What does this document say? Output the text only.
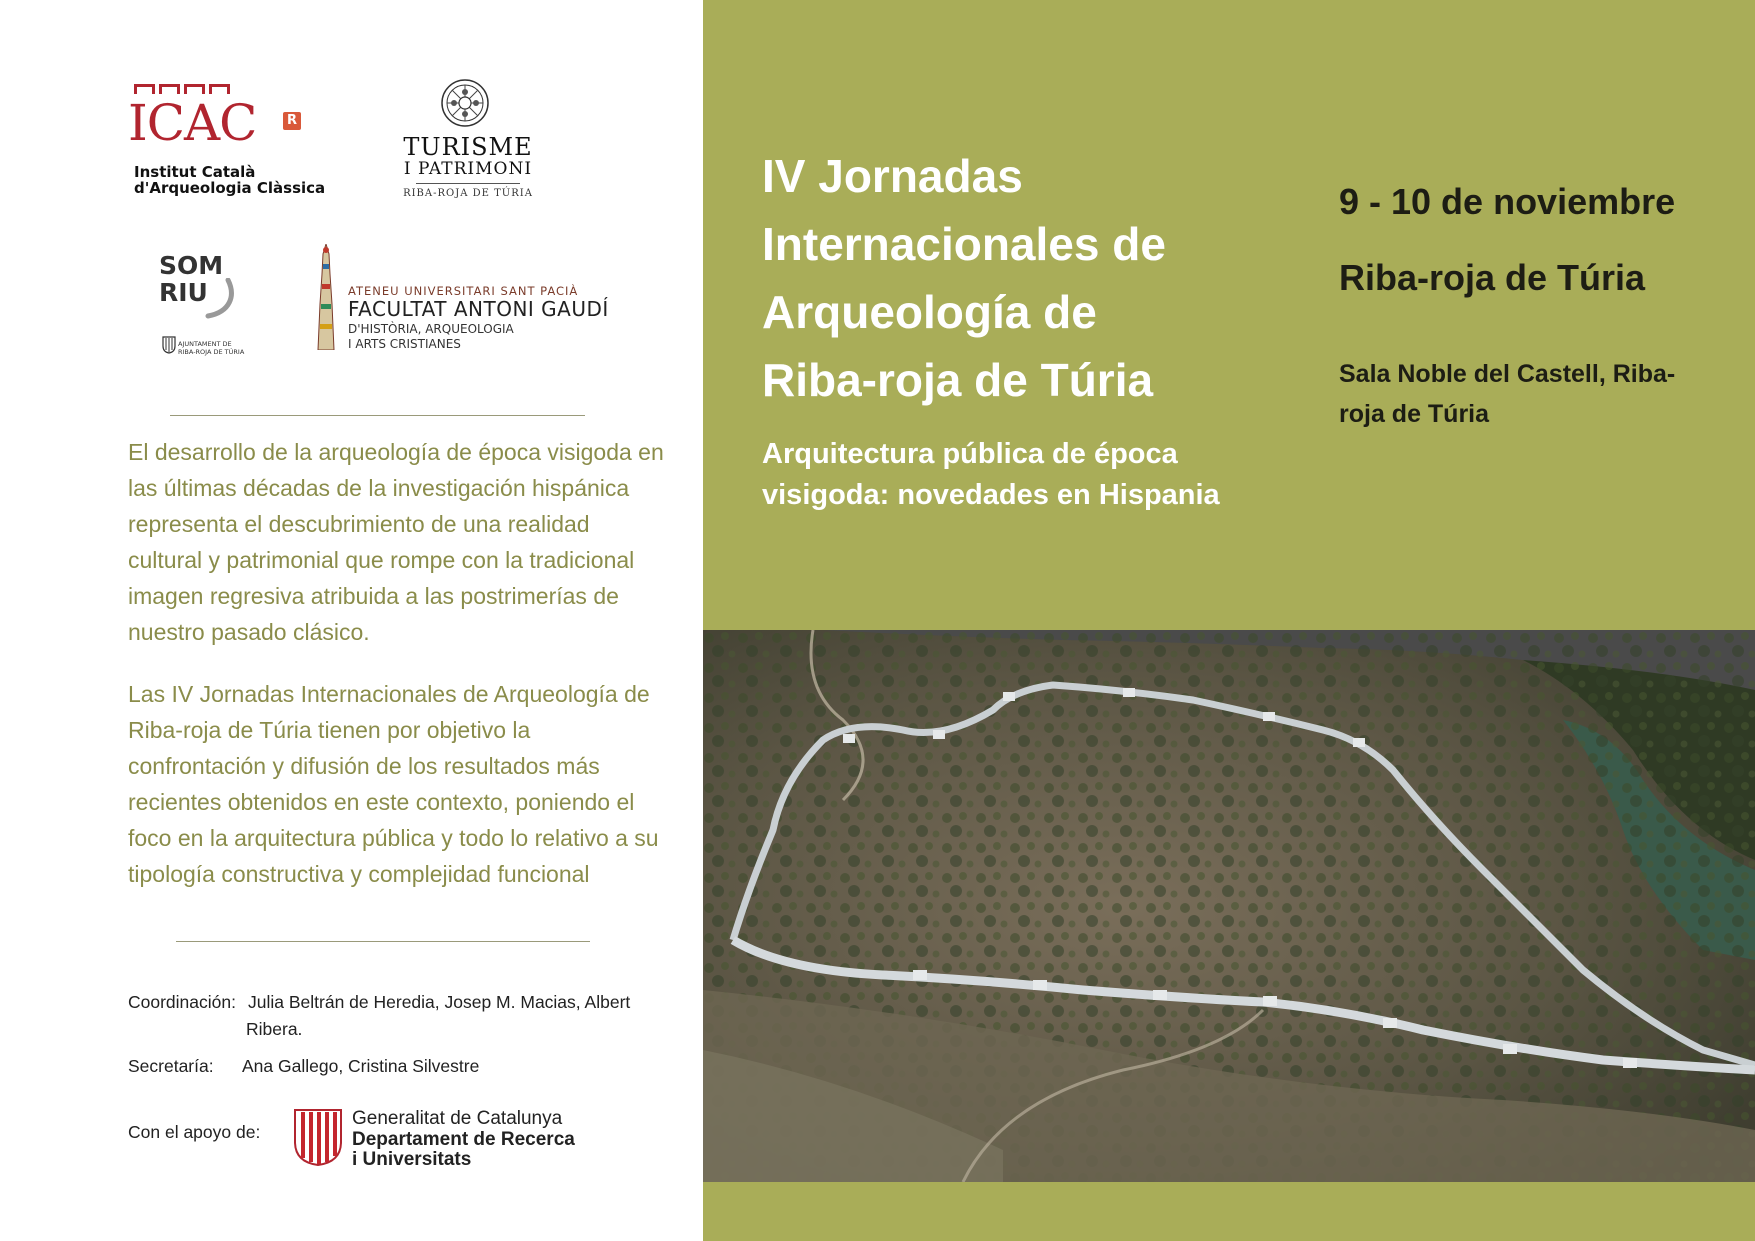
ICAC	R
Institut Català
d'Arqueologia Clàssica
TURISME
I PATRIMONI
RIBA-ROJA DE TÚRIA
SOM
RIU
AJUNTAMENT DE
RIBA-ROJA DE TÚRIA
ATENEU UNIVERSITARI SANT PACIÀ
FACULTAT ANTONI GAUDÍ
D'HISTÒRIA, ARQUEOLOGIA
I ARTS CRISTIANES

El desarrollo de la arqueología de época visigoda en las últimas décadas de la investigación hispánica representa el descubrimiento de una realidad cultural y patrimonial que rompe con la tradicional imagen regresiva atribuida a las postrimerías de nuestro pasado clásico.

Las IV Jornadas Internacionales de Arqueología de Riba-roja de Túria tienen por objetivo la confrontación y difusión de los resultados más recientes obtenidos en este contexto, poniendo el foco en la arquitectura pública y todo lo relativo a su tipología constructiva y complejidad funcional

Coordinación: Julia Beltrán de Heredia, Josep M. Macias, Albert
Ribera.
Secretaría: Ana Gallego, Cristina Silvestre
Con el apoyo de:
Generalitat de Catalunya
Departament de Recerca
i Universitats
IV Jornadas Internacionales de Arqueología de Riba-roja de Túria
Arquitectura pública de época visigoda: novedades en Hispania
9 - 10 de noviembre
Riba-roja de Túria
Sala Noble del Castell, Riba-roja de Túria
